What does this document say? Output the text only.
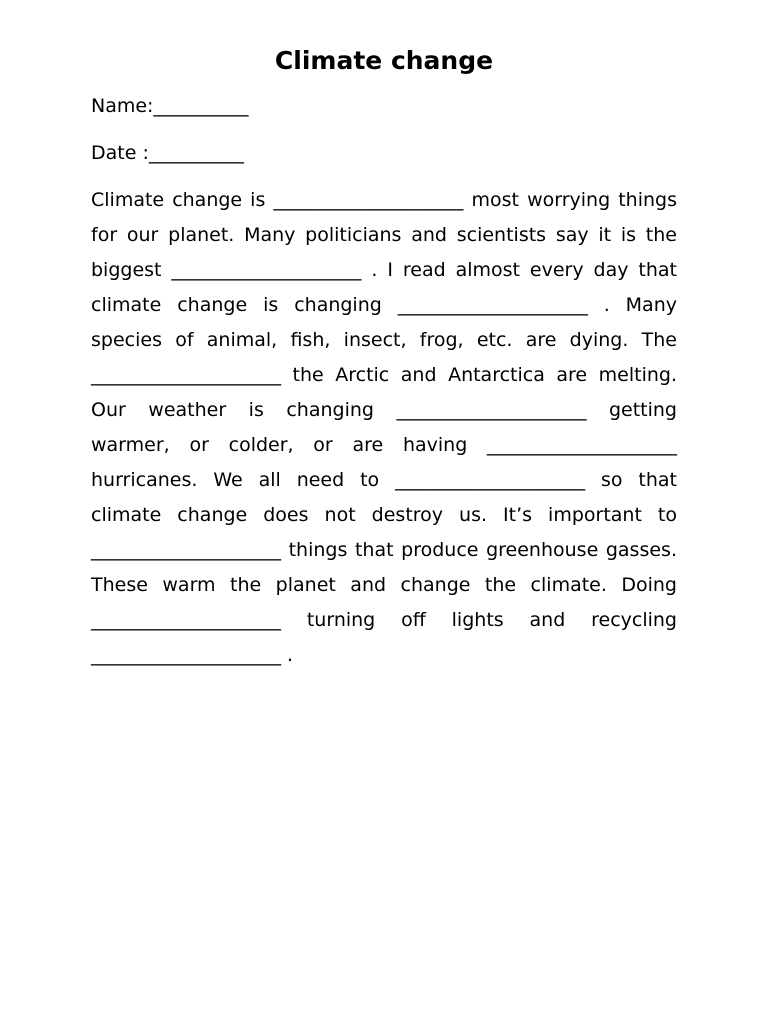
Climate change
Name:__________
Date :__________
Climate change is ____________________ most worrying things for our planet. Many politicians and scientists say it is the biggest ____________________ . I read almost every day that climate change is changing ____________________ . Many species of animal, fish, insect, frog, etc. are dying. The ____________________ the Arctic and Antarctica are melting. Our weather is changing ____________________ getting warmer, or colder, or are having ____________________ hurricanes. We all need to ____________________ so that climate change does not destroy us. It’s important to ____________________ things that produce greenhouse gasses. These warm the planet and change the climate. Doing ____________________ turning off lights and recycling ____________________ .
